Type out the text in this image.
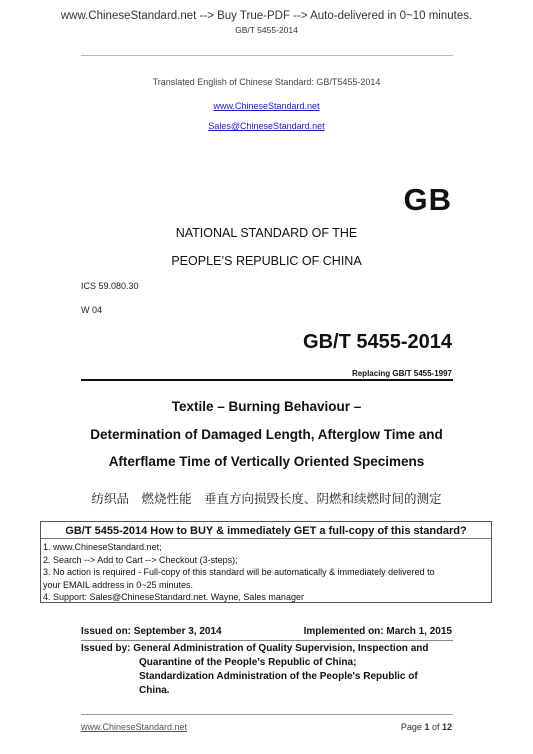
www.ChineseStandard.net --> Buy True-PDF --> Auto-delivered in 0~10 minutes.
GB/T 5455-2014
Translated English of Chinese Standard: GB/T5455-2014
www.ChineseStandard.net
Sales@ChineseStandard.net
GB
NATIONAL STANDARD OF THE
PEOPLE’S REPUBLIC OF CHINA
ICS 59.080.30
W 04
GB/T 5455-2014
Replacing GB/T 5455-1997
Textile – Burning Behaviour –
Determination of Damaged Length, Afterglow Time and
Afterflame Time of Vertically Oriented Specimens
纺织品　燃烧性能　垂直方向损毁长度、阴燃和续燃时间的测定
GB/T 5455-2014 How to BUY & immediately GET a full-copy of this standard?
1. www.ChineseStandard.net;
2. Search --> Add to Cart --> Checkout (3-steps);
3. No action is required - Full-copy of this standard will be automatically & immediately delivered to
your EMAIL address in 0~25 minutes.
4. Support: Sales@ChineseStandard.net. Wayne, Sales manager
Issued on: September 3, 2014	Implemented on: March 1, 2015
Issued by: General Administration of Quality Supervision, Inspection and
Quarantine of the People's Republic of China;
Standardization Administration of the People's Republic of
China.
www.ChineseStandard.net	Page 1 of 12
